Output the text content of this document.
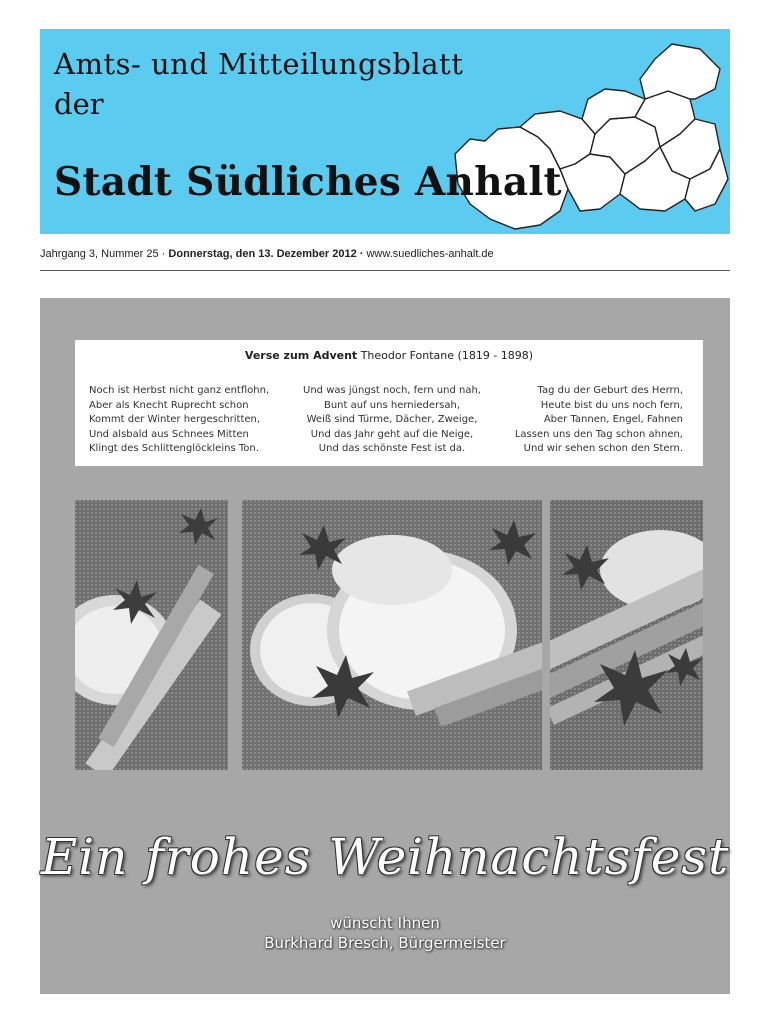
Amts- und Mitteilungsblatt
der
Stadt Südliches Anhalt
Jahrgang 3, Nummer 25 · Donnerstag, den 13. Dezember 2012 · www.suedliches-anhalt.de
Verse zum Advent Theodor Fontane (1819 - 1898)
Noch ist Herbst nicht ganz entflohn,
Aber als Knecht Ruprecht schon
Kommt der Winter hergeschritten,
Und alsbald aus Schnees Mitten
Klingt des Schlittenglöckleins Ton.
Und was jüngst noch, fern und nah,
Bunt auf uns herniedersah,
Weiß sind Türme, Dächer, Zweige,
Und das Jahr geht auf die Neige,
Und das schönste Fest ist da.
Tag du der Geburt des Herrn,
Heute bist du uns noch fern,
Aber Tannen, Engel, Fahnen
Lassen uns den Tag schon ahnen,
Und wir sehen schon den Stern.
Ein frohes Weihnachtsfest
wünscht Ihnen
Burkhard Bresch, Bürgermeister
